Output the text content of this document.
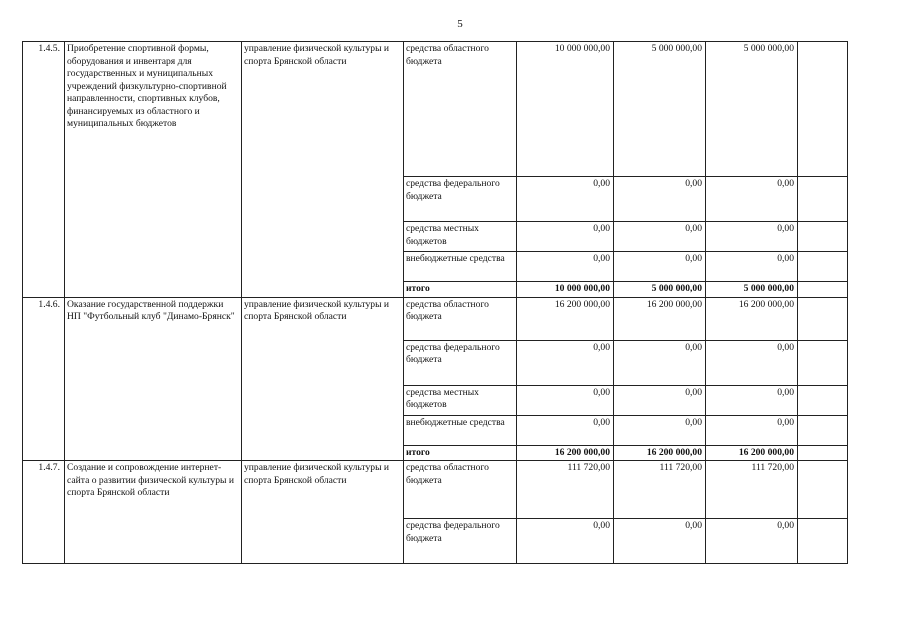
5
1.4.5.	Приобретение спортивной формы, оборудования и инвентаря для государственных и муниципальных учреждений физкультурно-спортивной направленности, спортивных клубов, финансируемых из областного и муниципальных бюджетов	управление физической культуры и спорта Брянской области	средства областного бюджета	10 000 000,00	5 000 000,00	5 000 000,00	
			средства федерального бюджета	0,00	0,00	0,00	
			средства местных бюджетов	0,00	0,00	0,00	
			внебюджетные средства	0,00	0,00	0,00	
			итого	10 000 000,00	5 000 000,00	5 000 000,00	
1.4.6.	Оказание государственной поддержки НП "Футбольный клуб "Динамо-Брянск"	управление физической культуры и спорта Брянской области	средства областного бюджета	16 200 000,00	16 200 000,00	16 200 000,00	
			средства федерального бюджета	0,00	0,00	0,00	
			средства местных бюджетов	0,00	0,00	0,00	
			внебюджетные средства	0,00	0,00	0,00	
			итого	16 200 000,00	16 200 000,00	16 200 000,00	
1.4.7.	Создание и сопровождение интернет-сайта о развитии физической культуры и спорта Брянской области	управление физической культуры и спорта Брянской области	средства областного бюджета	111 720,00	111 720,00	111 720,00	
			средства федерального бюджета	0,00	0,00	0,00	
